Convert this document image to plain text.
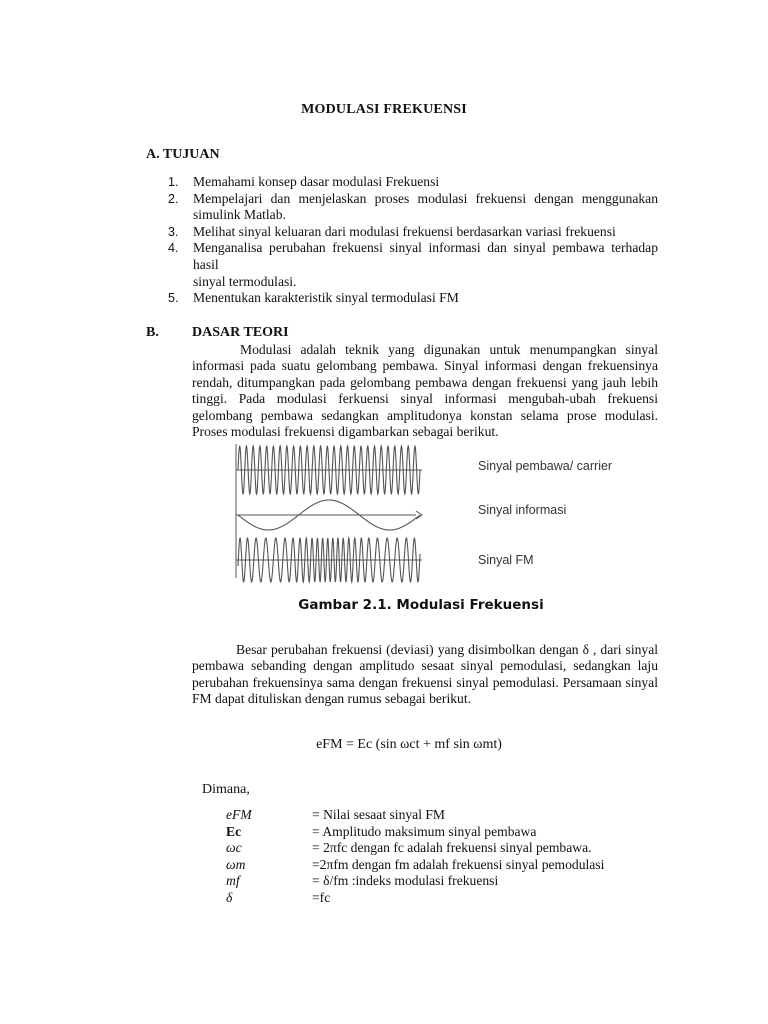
MODULASI FREKUENSI
A. TUJUAN
1.	Memahami konsep dasar modulasi Frekuensi
2.	Mempelajari dan menjelaskan proses modulasi frekuensi dengan menggunakan simulink Matlab.
3.	Melihat sinyal keluaran dari modulasi frekuensi berdasarkan variasi frekuensi
4.	Menganalisa perubahan frekuensi sinyal informasi dan sinyal pembawa terhadap hasil
sinyal termodulasi.
5.	Menentukan karakteristik sinyal termodulasi FM
B. DASAR TEORI
Modulasi adalah teknik yang digunakan untuk menumpangkan sinyal informasi pada suatu gelombang pembawa. Sinyal informasi dengan frekuensinya rendah, ditumpangkan pada gelombang pembawa dengan frekuensi yang jauh lebih tinggi. Pada modulasi ferkuensi sinyal informasi mengubah-ubah frekuensi gelombang pembawa sedangkan amplitudonya konstan selama prose modulasi. Proses modulasi frekuensi digambarkan sebagai berikut.
Sinyal pembawa/ carrier
Sinyal informasi
Sinyal FM
Gambar 2.1. Modulasi Frekuensi
Besar perubahan frekuensi (deviasi) yang disimbolkan dengan δ , dari sinyal pembawa sebanding dengan amplitudo sesaat sinyal pemodulasi, sedangkan laju perubahan frekuensinya sama dengan frekuensi sinyal pemodulasi. Persamaan sinyal FM dapat dituliskan dengan rumus sebagai berikut.
eFM = Ec (sin ωct + mf sin ωmt)
Dimana,
eFM	= Nilai sesaat sinyal FM
Ec	= Amplitudo maksimum sinyal pembawa
ωc	= 2πfc dengan fc adalah frekuensi sinyal pembawa.
ωm	=2πfm dengan fm adalah frekuensi sinyal pemodulasi
mf	= δ/fm :indeks modulasi frekuensi
δ	=fc
